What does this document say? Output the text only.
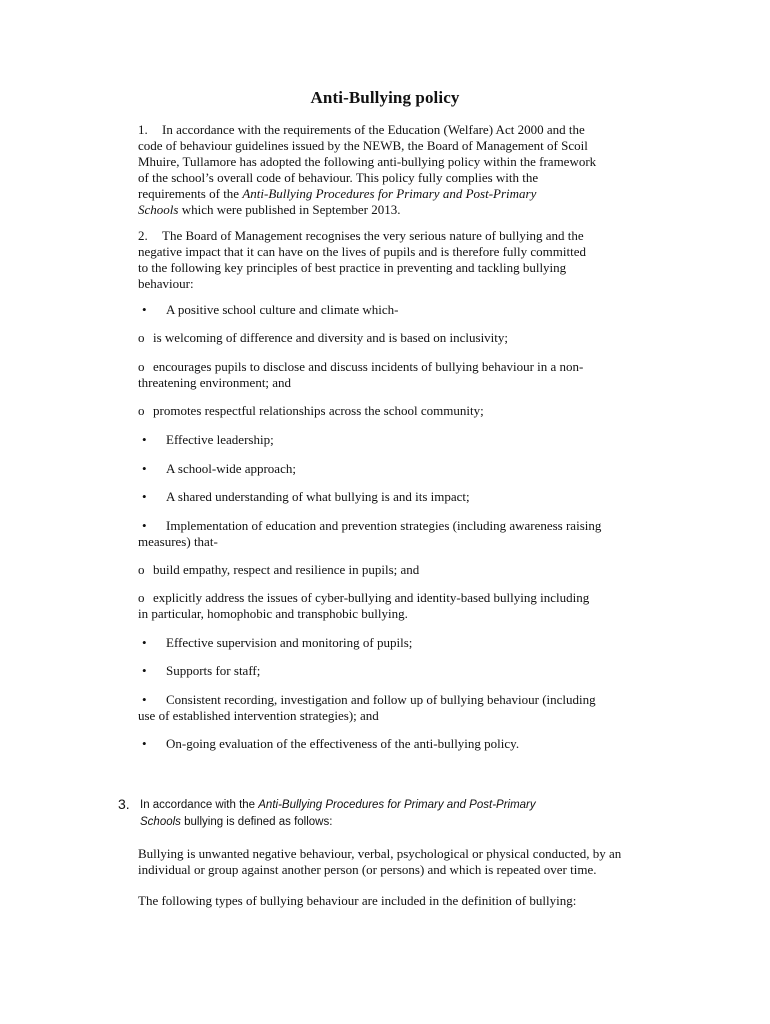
Anti-Bullying policy
1. In accordance with the requirements of the Education (Welfare) Act 2000 and the
code of behaviour guidelines issued by the NEWB, the Board of Management of Scoil
Mhuire, Tullamore has adopted the following anti-bullying policy within the framework
of the school’s overall code of behaviour. This policy fully complies with the
requirements of the Anti-Bullying Procedures for Primary and Post-Primary
Schools which were published in September 2013.
2. The Board of Management recognises the very serious nature of bullying and the
negative impact that it can have on the lives of pupils and is therefore fully committed
to the following key principles of best practice in preventing and tackling bullying
behaviour:
• A positive school culture and climate which-
o is welcoming of difference and diversity and is based on inclusivity;
o encourages pupils to disclose and discuss incidents of bullying behaviour in a non-
threatening environment; and
o promotes respectful relationships across the school community;
• Effective leadership;
• A school-wide approach;
• A shared understanding of what bullying is and its impact;
• Implementation of education and prevention strategies (including awareness raising
measures) that-
o build empathy, respect and resilience in pupils; and
o explicitly address the issues of cyber-bullying and identity-based bullying including
in particular, homophobic and transphobic bullying.
• Effective supervision and monitoring of pupils;
• Supports for staff;
• Consistent recording, investigation and follow up of bullying behaviour (including
use of established intervention strategies); and
• On-going evaluation of the effectiveness of the anti-bullying policy.
3. In accordance with the Anti-Bullying Procedures for Primary and Post-Primary
Schools bullying is defined as follows:
Bullying is unwanted negative behaviour, verbal, psychological or physical conducted, by an
individual or group against another person (or persons) and which is repeated over time.
The following types of bullying behaviour are included in the definition of bullying:
